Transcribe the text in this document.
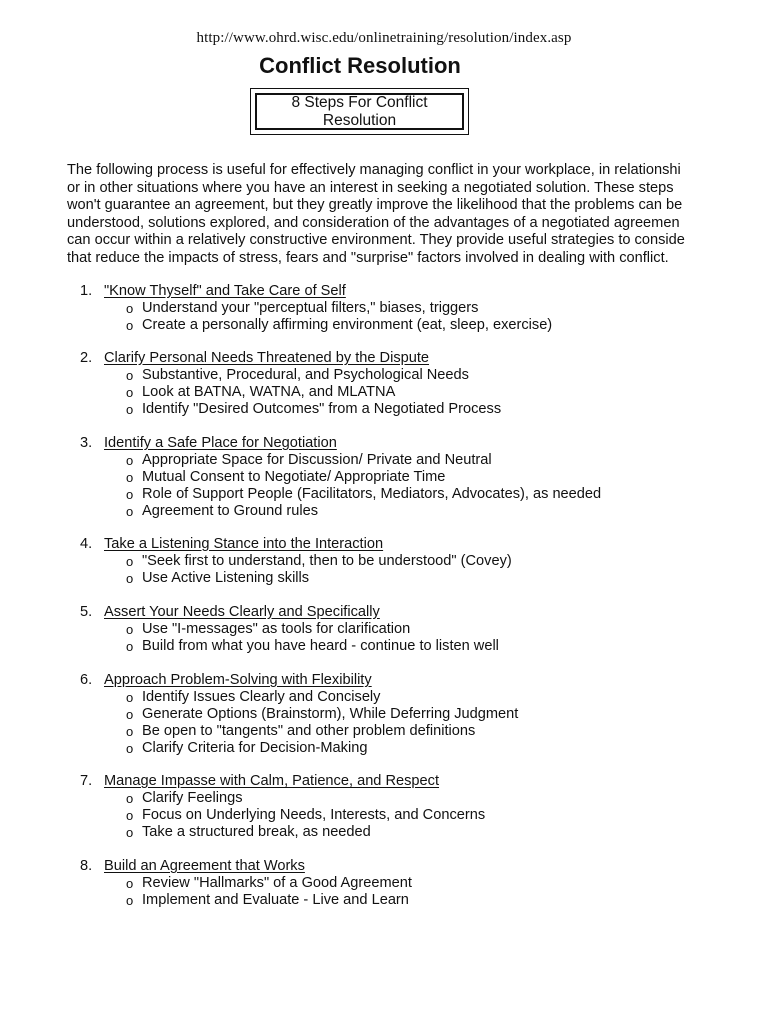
http://www.ohrd.wisc.edu/onlinetraining/resolution/index.asp
Conflict Resolution
8 Steps For Conflict Resolution
The following process is useful for effectively managing conflict in your workplace, in relationshi
or in other situations where you have an interest in seeking a negotiated solution. These steps
won't guarantee an agreement, but they greatly improve the likelihood that the problems can be
understood, solutions explored, and consideration of the advantages of a negotiated agreemen
can occur within a relatively constructive environment. They provide useful strategies to conside
that reduce the impacts of stress, fears and "surprise" factors involved in dealing with conflict.
1. "Know Thyself" and Take Care of Self
o Understand your "perceptual filters," biases, triggers
o Create a personally affirming environment (eat, sleep, exercise)
2. Clarify Personal Needs Threatened by the Dispute
o Substantive, Procedural, and Psychological Needs
o Look at BATNA, WATNA, and MLATNA
o Identify "Desired Outcomes" from a Negotiated Process
3. Identify a Safe Place for Negotiation
o Appropriate Space for Discussion/ Private and Neutral
o Mutual Consent to Negotiate/ Appropriate Time
o Role of Support People (Facilitators, Mediators, Advocates), as needed
o Agreement to Ground rules
4. Take a Listening Stance into the Interaction
o "Seek first to understand, then to be understood" (Covey)
o Use Active Listening skills
5. Assert Your Needs Clearly and Specifically
o Use "I-messages" as tools for clarification
o Build from what you have heard - continue to listen well
6. Approach Problem-Solving with Flexibility
o Identify Issues Clearly and Concisely
o Generate Options (Brainstorm), While Deferring Judgment
o Be open to "tangents" and other problem definitions
o Clarify Criteria for Decision-Making
7. Manage Impasse with Calm, Patience, and Respect
o Clarify Feelings
o Focus on Underlying Needs, Interests, and Concerns
o Take a structured break, as needed
8. Build an Agreement that Works
o Review "Hallmarks" of a Good Agreement
o Implement and Evaluate - Live and Learn
